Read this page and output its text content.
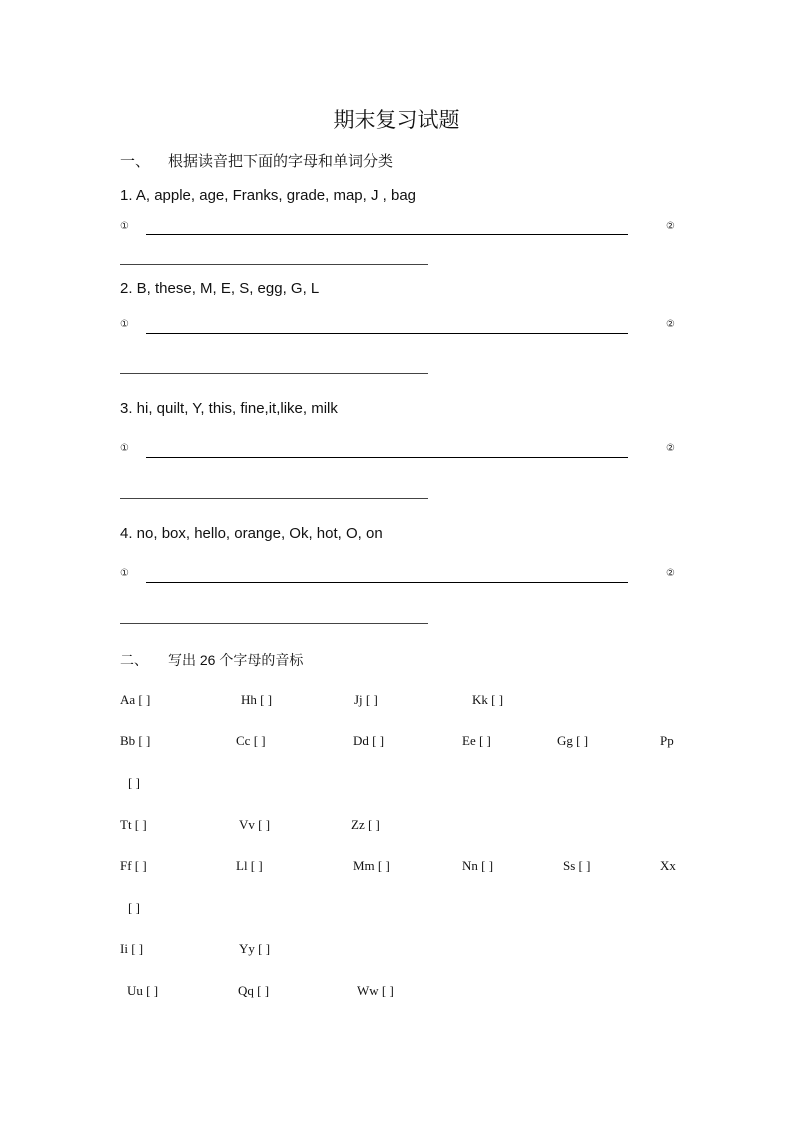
期末复习试题
一、 根据读音把下面的字母和单词分类
1. A, apple, age, Franks, grade, map, J , bag
①	②
2. B, these, M, E, S, egg, G, L
①	②
3. hi, quilt, Y, this, fine,it,like, milk
①	②
4. no, box, hello, orange, Ok, hot, O, on
①	②
二、 写出 26 个字母的音标
Aa [ ]	Hh [ ]	Jj [ ]	Kk [ ]
Bb [ ]	Cc [ ]	Dd [ ]	Ee [ ]	Gg [ ]	Pp
[ ]
Tt [ ]	Vv [ ]	Zz [ ]
Ff [ ]	Ll [ ]	Mm [ ]	Nn [ ]	Ss [ ]	Xx
[ ]
Ii [ ]	Yy [ ]
Uu [ ]	Qq [ ]	Ww [ ]
